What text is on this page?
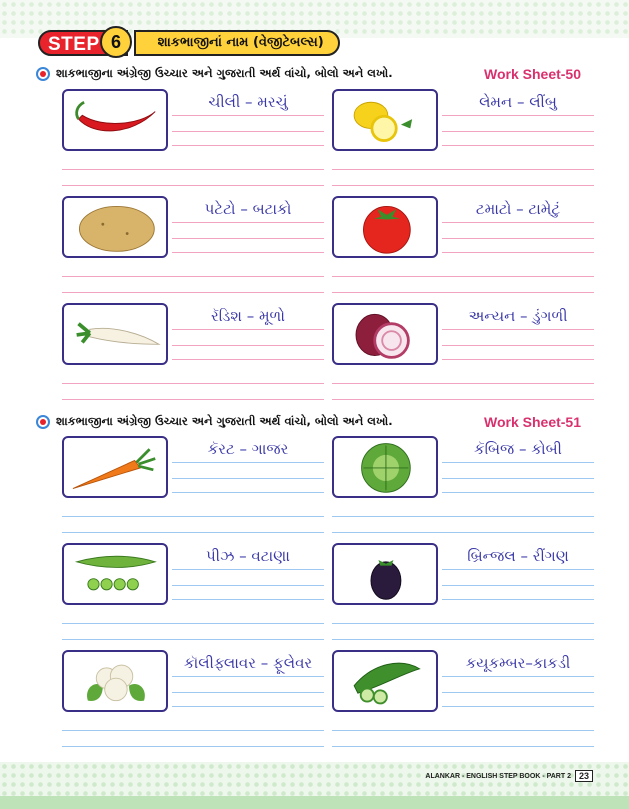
STEP 6	શાકભાજીનાં નામ (વેજીટેબલ્સ)
શાકભાજીના અંગ્રેજી ઉચ્ચાર અને ગુજરાતી અર્થ વાંચો, બોલો અને લખો.	Work Sheet-50
ચીલી – મરચું	લેમન – લીંબુ
પટેટો – બટાકો	ટમાટો – ટામેટું
રૅડિશ – મૂળો	અન્યન – ડુંગળી
શાકભાજીના અંગ્રેજી ઉચ્ચાર અને ગુજરાતી અર્થ વાંચો, બોલો અને લખો.	Work Sheet-51
કૅરટ – ગાજર	કૅબિજ – કોબી
પીઝ – વટાણા	બ્રિન્જલ – રીંગણ
કૉલીફ્લાવર – ફૂલેવર	કયૂકમ્બર–કાકડી
ALANKAR - ENGLISH STEP BOOK - PART 2 23
